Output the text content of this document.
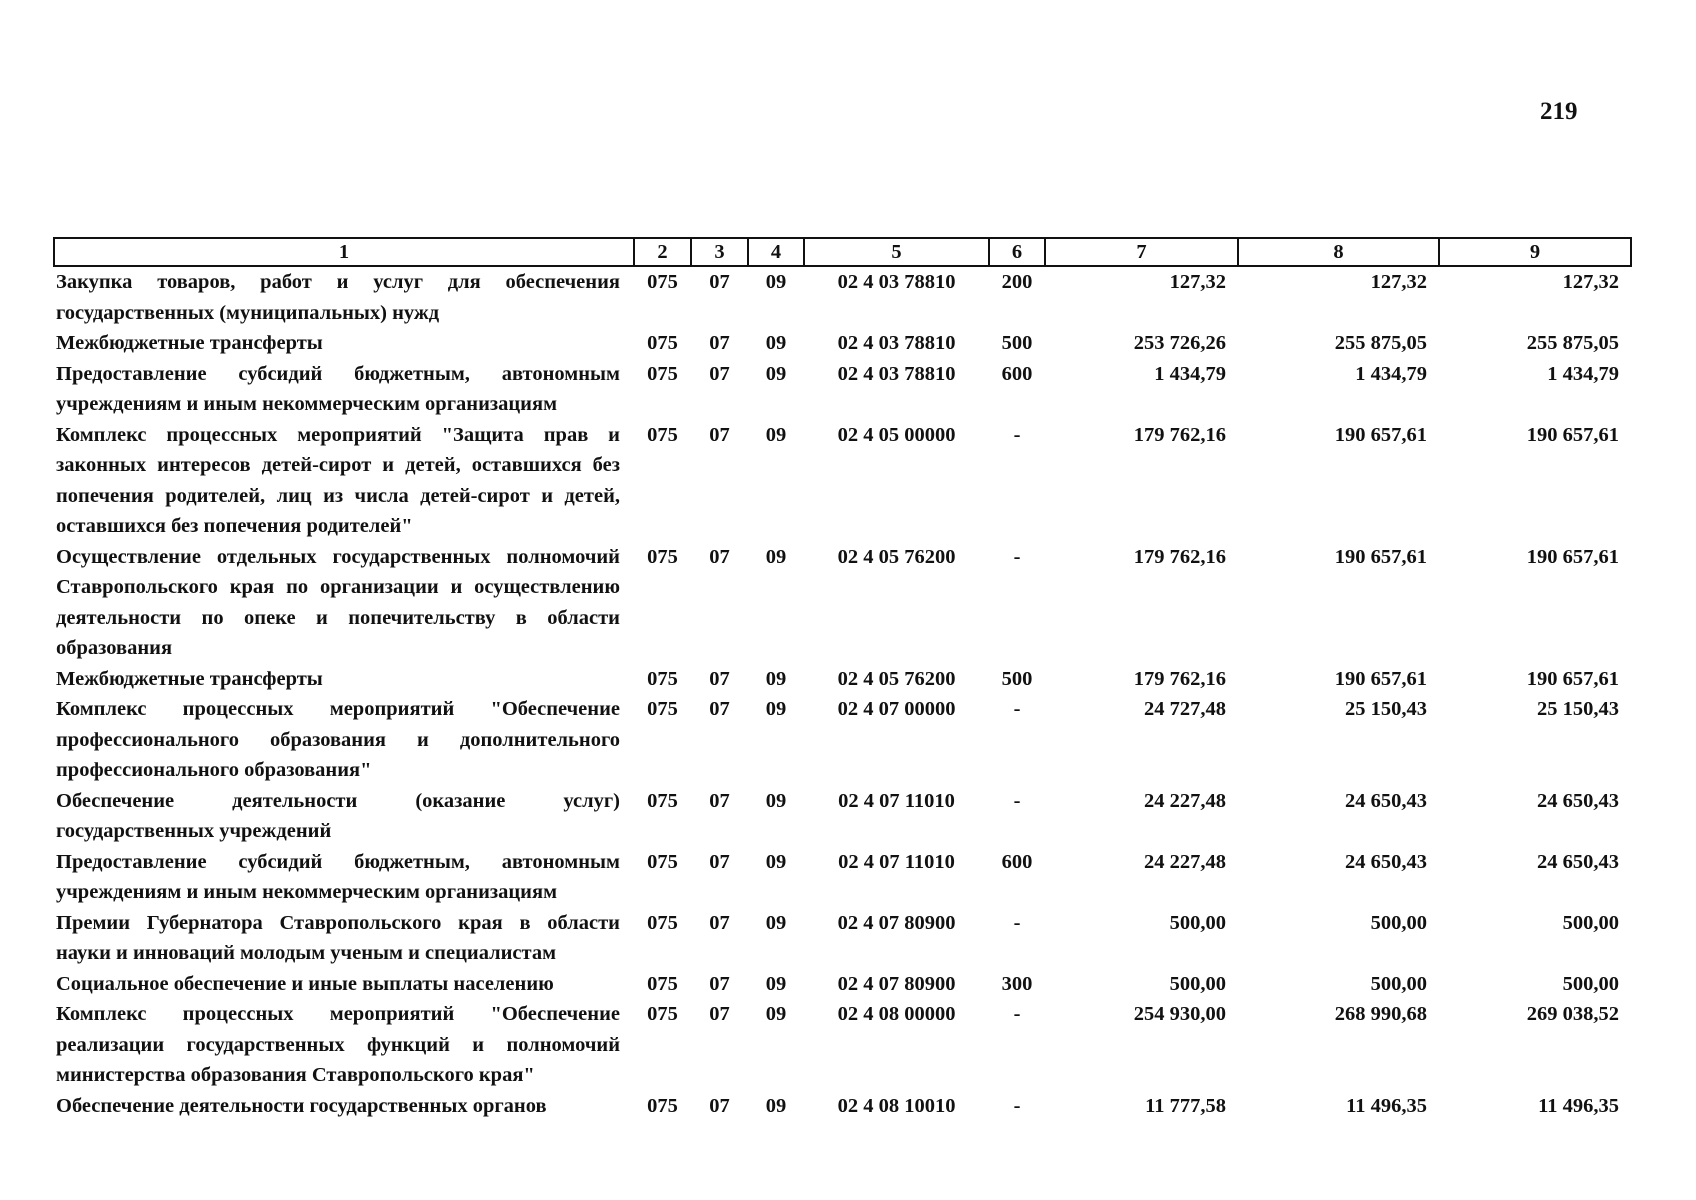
219
1	2	3	4	5	6	7	8	9
Закупка товаров, работ и услуг для обеспечения государственных (муниципальных) нужд	075	07	09	02 4 03 78810	200	127,32	127,32	127,32
Межбюджетные трансферты	075	07	09	02 4 03 78810	500	253 726,26	255 875,05	255 875,05
Предоставление субсидий бюджетным, автономным учреждениям и иным некоммерческим организациям	075	07	09	02 4 03 78810	600	1 434,79	1 434,79	1 434,79
Комплекс процессных мероприятий "Защита прав и законных интересов детей-сирот и детей, оставшихся без попечения родителей, лиц из числа детей-сирот и детей, оставшихся без попечения родителей"	075	07	09	02 4 05 00000	-	179 762,16	190 657,61	190 657,61
Осуществление отдельных государственных полномочий Ставропольского края по организации и осуществлению деятельности по опеке и попечительству в области образования	075	07	09	02 4 05 76200	-	179 762,16	190 657,61	190 657,61
Межбюджетные трансферты	075	07	09	02 4 05 76200	500	179 762,16	190 657,61	190 657,61
Комплекс процессных мероприятий "Обеспечение профессионального образования и дополнительного профессионального образования"	075	07	09	02 4 07 00000	-	24 727,48	25 150,43	25 150,43
Обеспечение деятельности (оказание услуг) государственных учреждений	075	07	09	02 4 07 11010	-	24 227,48	24 650,43	24 650,43
Предоставление субсидий бюджетным, автономным учреждениям и иным некоммерческим организациям	075	07	09	02 4 07 11010	600	24 227,48	24 650,43	24 650,43
Премии Губернатора Ставропольского края в области науки и инноваций молодым ученым и специалистам	075	07	09	02 4 07 80900	-	500,00	500,00	500,00
Социальное обеспечение и иные выплаты населению	075	07	09	02 4 07 80900	300	500,00	500,00	500,00
Комплекс процессных мероприятий "Обеспечение реализации государственных функций и полномочий министерства образования Ставропольского края"	075	07	09	02 4 08 00000	-	254 930,00	268 990,68	269 038,52
Обеспечение деятельности государственных органов	075	07	09	02 4 08 10010	-	11 777,58	11 496,35	11 496,35
